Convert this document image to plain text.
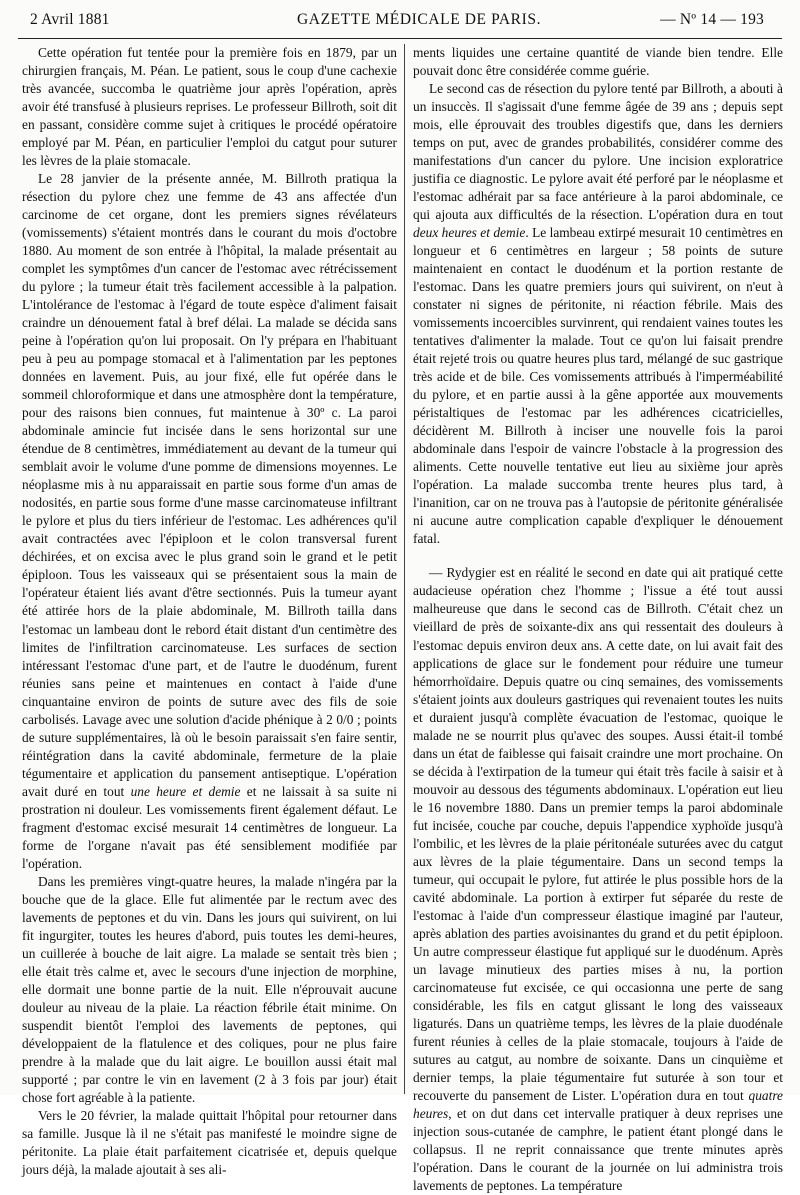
2 Avril 1881	GAZETTE MÉDICALE DE PARIS.	— Nº 14 — 193

Cette opération fut tentée pour la première fois en 1879, par un chirurgien français, M. Péan. Le patient, sous le coup d'une cachexie très avancée, succomba le quatrième jour après l'opération, après avoir été transfusé à plusieurs reprises. Le professeur Billroth, soit dit en passant, considère comme sujet à critiques le procédé opératoire employé par M. Péan, en particulier l'emploi du catgut pour suturer les lèvres de la plaie stomacale.

Le 28 janvier de la présente année, M. Billroth pratiqua la résection du pylore chez une femme de 43 ans affectée d'un carcinome de cet organe, dont les premiers signes révélateurs (vomissements) s'étaient montrés dans le courant du mois d'octobre 1880. Au moment de son entrée à l'hôpital, la malade présentait au complet les symptômes d'un cancer de l'estomac avec rétrécissement du pylore ; la tumeur était très facilement accessible à la palpation. L'intolérance de l'estomac à l'égard de toute espèce d'aliment faisait craindre un dénouement fatal à bref délai. La malade se décida sans peine à l'opération qu'on lui proposait. On l'y prépara en l'habituant peu à peu au pompage stomacal et à l'alimentation par les peptones données en lavement. Puis, au jour fixé, elle fut opérée dans le sommeil chloroformique et dans une atmosphère dont la température, pour des raisons bien connues, fut maintenue à 30º c. La paroi abdominale amincie fut incisée dans le sens horizontal sur une étendue de 8 centimètres, immédiatement au devant de la tumeur qui semblait avoir le volume d'une pomme de dimensions moyennes. Le néoplasme mis à nu apparaissait en partie sous forme d'un amas de nodosités, en partie sous forme d'une masse carcinomateuse infiltrant le pylore et plus du tiers inférieur de l'estomac. Les adhérences qu'il avait contractées avec l'épiploon et le colon transversal furent déchirées, et on excisa avec le plus grand soin le grand et le petit épiploon. Tous les vaisseaux qui se présentaient sous la main de l'opérateur étaient liés avant d'être sectionnés. Puis la tumeur ayant été attirée hors de la plaie abdominale, M. Billroth tailla dans l'estomac un lambeau dont le rebord était distant d'un centimètre des limites de l'infiltration carcinomateuse. Les surfaces de section intéressant l'estomac d'une part, et de l'autre le duodénum, furent réunies sans peine et maintenues en contact à l'aide d'une cinquantaine environ de points de suture avec des fils de soie carbolisés. Lavage avec une solution d'acide phénique à 2 0/0 ; points de suture supplémentaires, là où le besoin paraissait s'en faire sentir, réintégration dans la cavité abdominale, fermeture de la plaie tégumentaire et application du pansement antiseptique. L'opération avait duré en tout une heure et demie et ne laissait à sa suite ni prostration ni douleur. Les vomissements firent également défaut. Le fragment d'estomac excisé mesurait 14 centimètres de longueur. La forme de l'organe n'avait pas été sensiblement modifiée par l'opération.

Dans les premières vingt-quatre heures, la malade n'ingéra par la bouche que de la glace. Elle fut alimentée par le rectum avec des lavements de peptones et du vin. Dans les jours qui suivirent, on lui fit ingurgiter, toutes les heures d'abord, puis toutes les demi-heures, un cuillerée à bouche de lait aigre. La malade se sentait très bien ; elle était très calme et, avec le secours d'une injection de morphine, elle dormait une bonne partie de la nuit. Elle n'éprouvait aucune douleur au niveau de la plaie. La réaction fébrile était minime. On suspendit bientôt l'emploi des lavements de peptones, qui développaient de la flatulence et des coliques, pour ne plus faire prendre à la malade que du lait aigre. Le bouillon aussi était mal supporté ; par contre le vin en lavement (2 à 3 fois par jour) était chose fort agréable à la patiente.

Vers le 20 février, la malade quittait l'hôpital pour retourner dans sa famille. Jusque là il ne s'était pas manifesté le moindre signe de péritonite. La plaie était parfaitement cicatrisée et, depuis quelque jours déjà, la malade ajoutait à ses ali-

ments liquides une certaine quantité de viande bien tendre. Elle pouvait donc être considérée comme guérie.

Le second cas de résection du pylore tenté par Billroth, a abouti à un insuccès. Il s'agissait d'une femme âgée de 39 ans ; depuis sept mois, elle éprouvait des troubles digestifs que, dans les derniers temps on put, avec de grandes probabilités, considérer comme des manifestations d'un cancer du pylore. Une incision exploratrice justifia ce diagnostic. Le pylore avait été perforé par le néoplasme et l'estomac adhérait par sa face antérieure à la paroi abdominale, ce qui ajouta aux difficultés de la résection. L'opération dura en tout deux heures et demie. Le lambeau extirpé mesurait 10 centimètres en longueur et 6 centimètres en largeur ; 58 points de suture maintenaient en contact le duodénum et la portion restante de l'estomac. Dans les quatre premiers jours qui suivirent, on n'eut à constater ni signes de péritonite, ni réaction fébrile. Mais des vomissements incoercibles survinrent, qui rendaient vaines toutes les tentatives d'alimenter la malade. Tout ce qu'on lui faisait prendre était rejeté trois ou quatre heures plus tard, mélangé de suc gastrique très acide et de bile. Ces vomissements attribués à l'imperméabilité du pylore, et en partie aussi à la gêne apportée aux mouvements péristaltiques de l'estomac par les adhérences cicatricielles, décidèrent M. Billroth à inciser une nouvelle fois la paroi abdominale dans l'espoir de vaincre l'obstacle à la progression des aliments. Cette nouvelle tentative eut lieu au sixième jour après l'opération. La malade succomba trente heures plus tard, à l'inanition, car on ne trouva pas à l'autopsie de péritonite généralisée ni aucune autre complication capable d'expliquer le dénouement fatal.

— Rydygier est en réalité le second en date qui ait pratiqué cette audacieuse opération chez l'homme ; l'issue a été tout aussi malheureuse que dans le second cas de Billroth. C'était chez un vieillard de près de soixante-dix ans qui ressentait des douleurs à l'estomac depuis environ deux ans. A cette date, on lui avait fait des applications de glace sur le fondement pour réduire une tumeur hémorrhoïdaire. Depuis quatre ou cinq semaines, des vomissements s'étaient joints aux douleurs gastriques qui revenaient toutes les nuits et duraient jusqu'à complète évacuation de l'estomac, quoique le malade ne se nourrit plus qu'avec des soupes. Aussi était-il tombé dans un état de faiblesse qui faisait craindre une mort prochaine. On se décida à l'extirpation de la tumeur qui était très facile à saisir et à mouvoir au dessous des téguments abdominaux. L'opération eut lieu le 16 novembre 1880. Dans un premier temps la paroi abdominale fut incisée, couche par couche, depuis l'appendice xyphoïde jusqu'à l'ombilic, et les lèvres de la plaie péritonéale suturées avec du catgut aux lèvres de la plaie tégumentaire. Dans un second temps la tumeur, qui occupait le pylore, fut attirée le plus possible hors de la cavité abdominale. La portion à extirper fut séparée du reste de l'estomac à l'aide d'un compresseur élastique imaginé par l'auteur, après ablation des parties avoisinantes du grand et du petit épiploon. Un autre compresseur élastique fut appliqué sur le duodénum. Après un lavage minutieux des parties mises à nu, la portion carcinomateuse fut excisée, ce qui occasionna une perte de sang considérable, les fils en catgut glissant le long des vaisseaux ligaturés. Dans un quatrième temps, les lèvres de la plaie duodénale furent réunies à celles de la plaie stomacale, toujours à l'aide de sutures au catgut, au nombre de soixante. Dans un cinquième et dernier temps, la plaie tégumentaire fut suturée à son tour et recouverte du pansement de Lister. L'opération dura en tout quatre heures, et on dut dans cet intervalle pratiquer à deux reprises une injection sous-cutanée de camphre, le patient étant plongé dans le collapsus. Il ne reprit connaissance que trente minutes après l'opération. Dans le courant de la journée on lui administra trois lavements de peptones. La température
